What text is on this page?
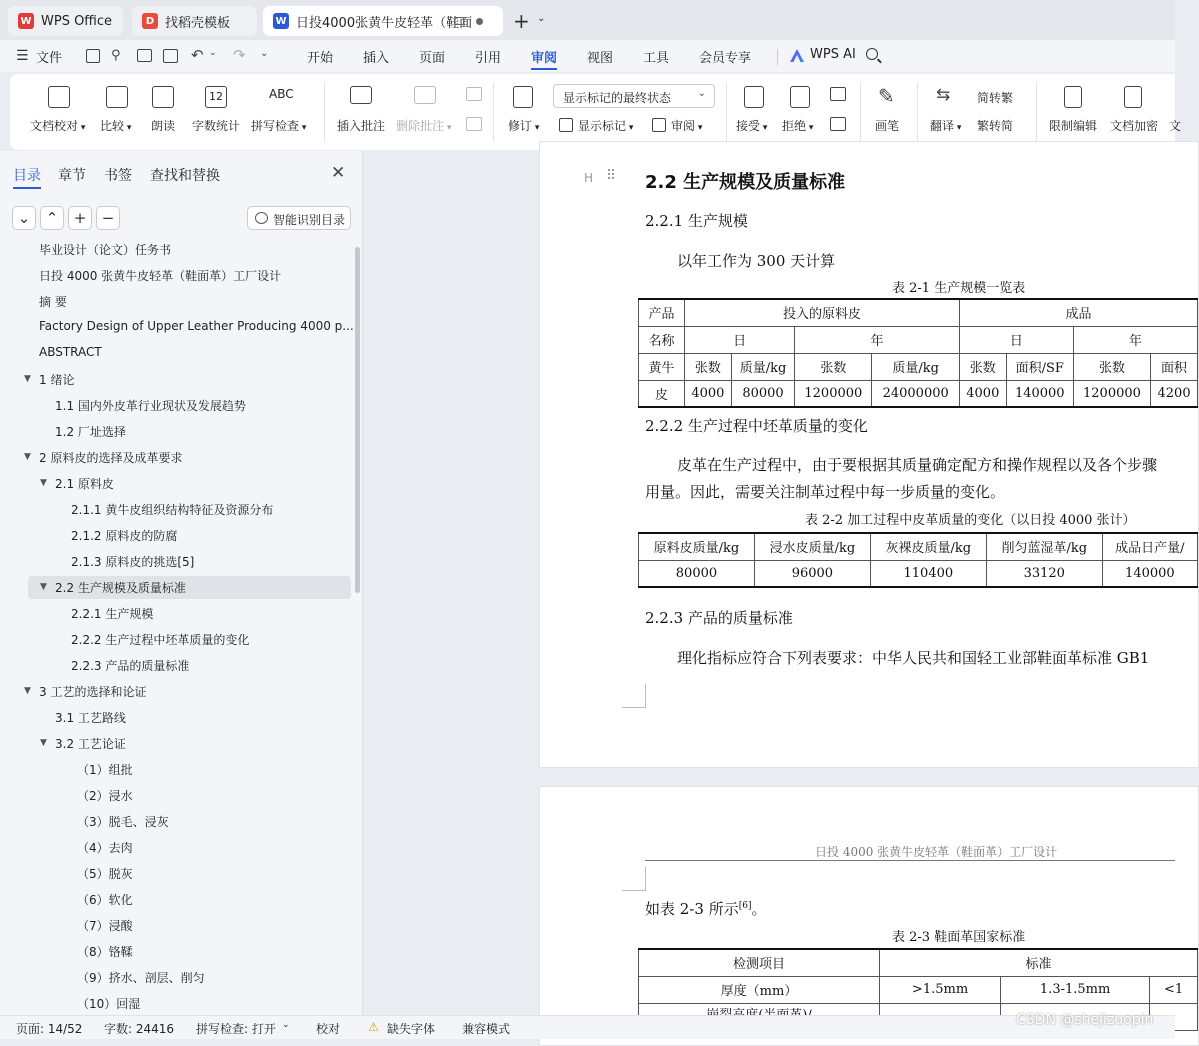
W WPS Office	D 找稻壳模板	W 日投4000张黄牛皮轻革（鞋面 + ⌄
☰ 文件	⚲	↶ ⌄ ↷ ⌄	开始 插入 页面 引用 审阅 视图 工具 会员专享	WPS AI
文档校对 ▾ 比较 ▾ 朗读
12
字数统计
ABC
拼写检查 ▾	插入批注 删除批注 ▾	修订 ▾
显示标记的最终状态	⌄
显示标记 ▾	审阅 ▾	接受 ▾ 拒绝 ▾
✎
画笔
⇆
翻译 ▾
简转繁
繁转简	限制编辑 文档加密 文
目录 章节 书签 查找和替换	✕
⌄	⌃	+	−	智能识别目录
毕业设计（论文）任务书
日投 4000 张黄牛皮轻革（鞋面革）工厂设计
摘 要
Factory Design of Upper Leather Producing 4000 p...
ABSTRACT
▼ 1 绪论
1.1 国内外皮革行业现状及发展趋势
1.2 厂址选择
▼ 2 原料皮的选择及成革要求
▼ 2.1 原料皮
2.1.1 黄牛皮组织结构特征及资源分布
2.1.2 原料皮的防腐
2.1.3 原料皮的挑选[5]
▼ 2.2 生产规模及质量标准
2.2.1 生产规模
2.2.2 生产过程中坯革质量的变化
2.2.3 产品的质量标准
▼ 3 工艺的选择和论证
3.1 工艺路线
▼ 3.2 工艺论证
（1）组批
（2）浸水
（3）脱毛、浸灰
（4）去肉
（5）脱灰
（6）软化
（7）浸酸
（8）铬鞣
（9）挤水、剖层、削匀
（10）回湿
H ⠿ 2.2 生产规模及质量标准
2.2.1 生产规模
以年工作为 300 天计算
表 2-1 生产规模一览表
产品	投入的原料皮				成品			
名称	日		年		日		年	
黄牛	张数	质量/kg	张数	质量/kg	张数	面积/SF	张数	面积
皮	4000	80000	1200000	24000000	4000	140000	1200000	4200
2.2.2 生产过程中坯革质量的变化
皮革在生产过程中，由于要根据其质量确定配方和操作规程以及各个步骤
用量。因此，需要关注制革过程中每一步质量的变化。
表 2-2 加工过程中皮革质量的变化（以日投 4000 张计）
原料皮质量/kg	浸水皮质量/kg	灰裸皮质量/kg	削匀蓝湿革/kg	成品日产量/
80000	96000	110400	33120	140000
2.2.3 产品的质量标准
理化指标应符合下列表要求：中华人民共和国轻工业部鞋面革标准 GB1
日投 4000 张黄牛皮轻革（鞋面革）工厂设计
如表 2-3 所示[6]。
表 2-3 鞋面革国家标准
检测项目	标准		
厚度（mm）	>1.5mm	1.3-1.5mm	<1

页面: 14/52 字数: 24416 拼写检查: 打开 ⌄ 校对 ⚠ 缺失字体 兼容模式
CSDN @shejizuopin
